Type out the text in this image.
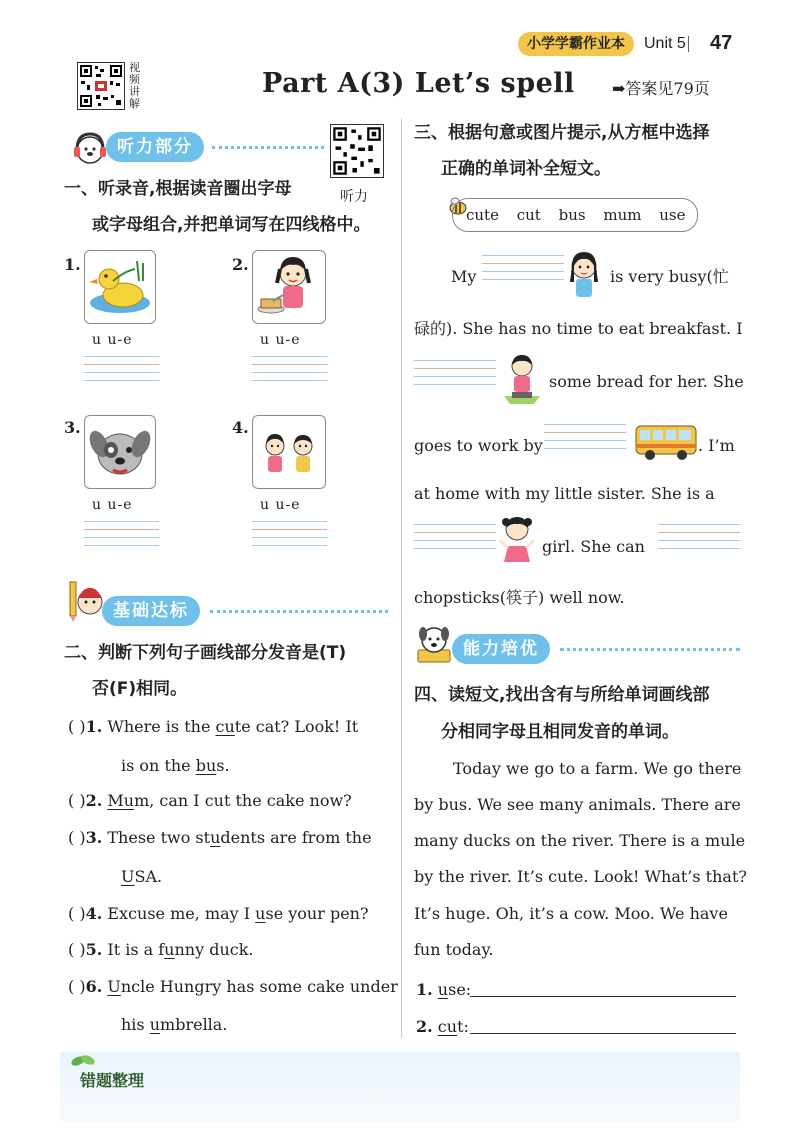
小学学霸作业本	Unit 5 47
视
频
讲
解
Part A(3) Let’s spell ➡答案见79页
听力部分
听力
一、听录音,根据读音圈出字母
或字母组合,并把单词写在四线格中。
1.
u u-e
2.
u u-e
3.
u u-e
4.
u u-e
基础达标
二、判断下列句子画线部分发音是(T)
否(F)相同。
( )1. Where is the cute cat? Look! It
is on the bus.
( )2. Mum, can I cut the cake now?
( )3. These two students are from the
USA.
( )4. Excuse me, may I use your pen?
( )5. It is a funny duck.
( )6. Uncle Hungry has some cake under
his umbrella.
三、根据句意或图片提示,从方框中选择
正确的单词补全短文。
cute cut bus mum use
My	is very busy(忙
碌的). She has no time to eat breakfast. I
some bread for her. She
goes to work by	. I’m
at home with my little sister. She is a
girl. She can
chopsticks(筷子) well now.
能力培优
四、读短文,找出含有与所给单词画线部
分相同字母且相同发音的单词。
Today we go to a farm. We go there
by bus. We see many animals. There are
many ducks on the river. There is a mule
by the river. It’s cute. Look! What’s that?
It’s huge. Oh, it’s a cow. Moo. We have
fun today.
1. use:
2. cut:
错题整理
